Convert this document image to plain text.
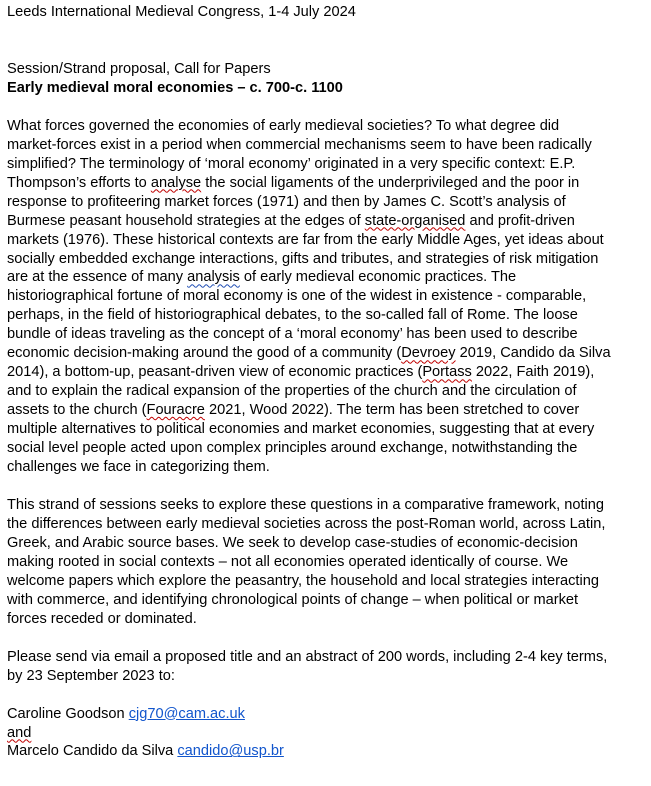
Leeds International Medieval Congress, 1-4 July 2024

Session/Strand proposal, Call for Papers

Early medieval moral economies – c. 700-c. 1100

What forces governed the economies of early medieval societies? To what degree did
market-forces exist in a period when commercial mechanisms seem to have been radically
simplified? The terminology of ‘moral economy’ originated in a very specific context: E.P.
Thompson’s efforts to analyse the social ligaments of the underprivileged and the poor in
response to profiteering market forces (1971) and then by James C. Scott’s analysis of
Burmese peasant household strategies at the edges of state-organised and profit-driven
markets (1976). These historical contexts are far from the early Middle Ages, yet ideas about
socially embedded exchange interactions, gifts and tributes, and strategies of risk mitigation
are at the essence of many analysis of early medieval economic practices. The
historiographical fortune of moral economy is one of the widest in existence - comparable,
perhaps, in the field of historiographical debates, to the so-called fall of Rome. The loose
bundle of ideas traveling as the concept of a ‘moral economy’ has been used to describe
economic decision-making around the good of a community (Devroey 2019, Candido da Silva
2014), a bottom-up, peasant-driven view of economic practices (Portass 2022, Faith 2019),
and to explain the radical expansion of the properties of the church and the circulation of
assets to the church (Fouracre 2021, Wood 2022). The term has been stretched to cover
multiple alternatives to political economies and market economies, suggesting that at every
social level people acted upon complex principles around exchange, notwithstanding the
challenges we face in categorizing them.
This strand of sessions seeks to explore these questions in a comparative framework, noting
the differences between early medieval societies across the post-Roman world, across Latin,
Greek, and Arabic source bases. We seek to develop case-studies of economic-decision
making rooted in social contexts – not all economies operated identically of course. We
welcome papers which explore the peasantry, the household and local strategies interacting
with commerce, and identifying chronological points of change – when political or market
forces receded or dominated.
Please send via email a proposed title and an abstract of 200 words, including 2-4 key terms,
by 23 September 2023 to:
Caroline Goodson cjg70@cam.ac.uk
and
Marcelo Candido da Silva candido@usp.br
